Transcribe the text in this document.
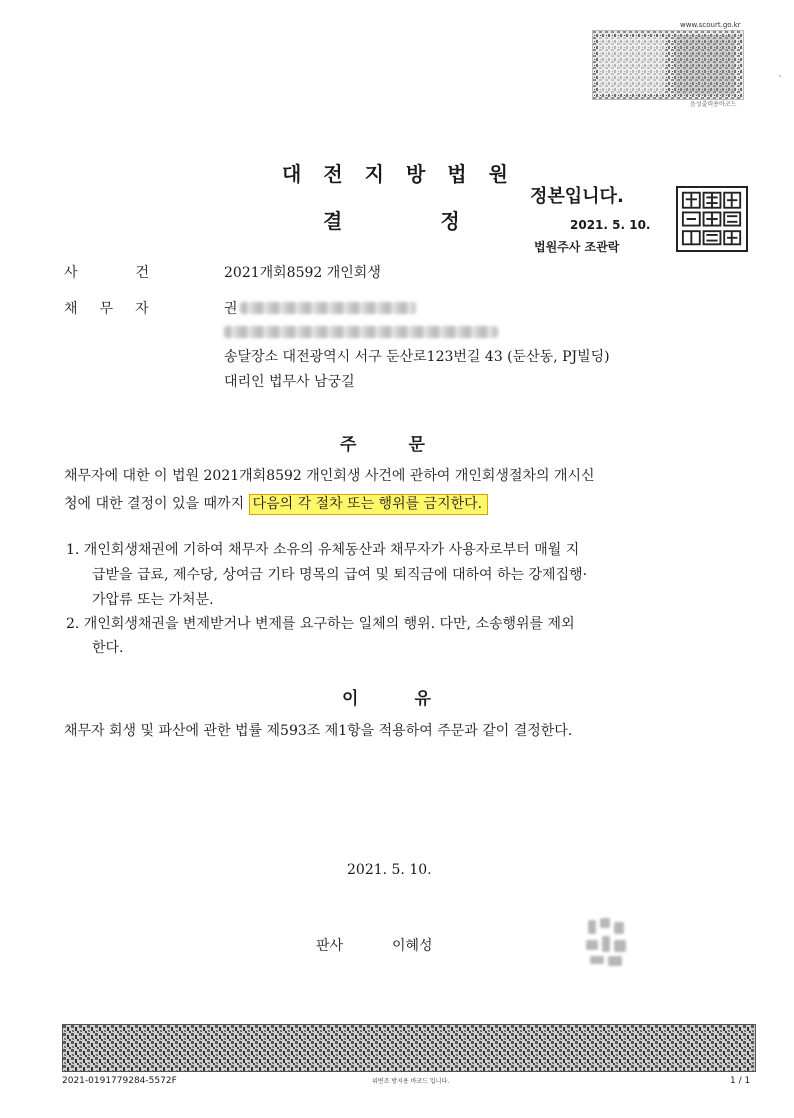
www.scourt.go.kr
음성출력용바코드
ˋ
대전지방법원
결	정
정본입니다.
2021. 5. 10.
법원주사 조관락
사	건	2021개회8592 개인회생
채 무 자	권
송달장소 대전광역시 서구 둔산로123번길 43 (둔산동, PJ빌딩)
대리인 법무사 남궁길
주	문
채무자에 대한 이 법원 2021개회8592 개인회생 사건에 관하여 개인회생절차의 개시신
청에 대한 결정이 있을 때까지 다음의 각 절차 또는 행위를 금지한다.
1. 개인회생채권에 기하여 채무자 소유의 유체동산과 채무자가 사용자로부터 매월 지
급받을 급료, 제수당, 상여금 기타 명목의 급여 및 퇴직금에 대하여 하는 강제집행·
가압류 또는 가처분.
2. 개인회생채권을 변제받거나 변제를 요구하는 일체의 행위. 다만, 소송행위를 제외
한다.
이	유
채무자 회생 및 파산에 관한 법률 제593조 제1항을 적용하여 주문과 같이 결정한다.
2021. 5. 10.
판사	이혜성
2021-0191779284-5572F	위변조 방지용 바코드 입니다.	1 / 1
